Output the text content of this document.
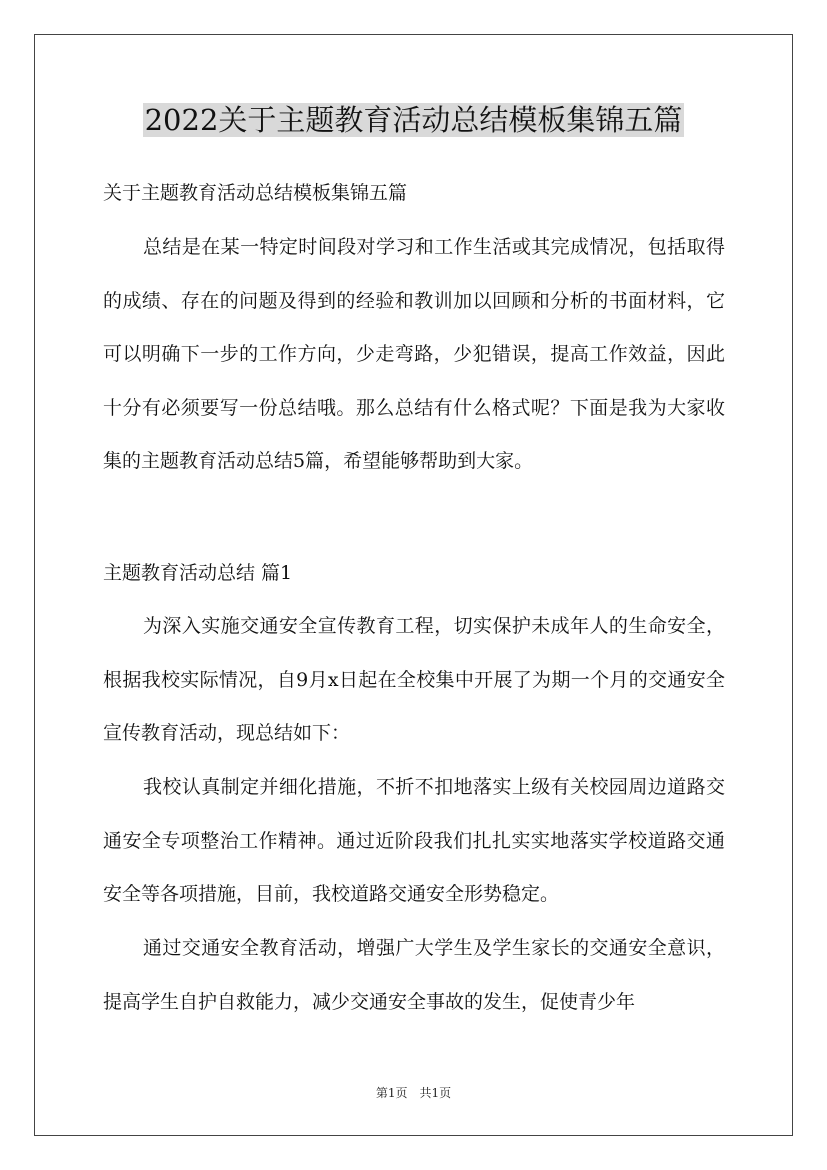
2022关于主题教育活动总结模板集锦五篇

关于主题教育活动总结模板集锦五篇

总结是在某一特定时间段对学习和工作生活或其完成情况，包括取得的成绩、存在的问题及得到的经验和教训加以回顾和分析的书面材料，它可以明确下一步的工作方向，少走弯路，少犯错误，提高工作效益，因此十分有必须要写一份总结哦。那么总结有什么格式呢？下面是我为大家收集的主题教育活动总结5篇，希望能够帮助到大家。

主题教育活动总结 篇1

为深入实施交通安全宣传教育工程，切实保护未成年人的生命安全，根据我校实际情况，自9月x日起在全校集中开展了为期一个月的交通安全宣传教育活动，现总结如下：

我校认真制定并细化措施，不折不扣地落实上级有关校园周边道路交通安全专项整治工作精神。通过近阶段我们扎扎实实地落实学校道路交通安全等各项措施，目前，我校道路交通安全形势稳定。

通过交通安全教育活动，增强广大学生及学生家长的交通安全意识，提高学生自护自救能力，减少交通安全事故的发生，促使青少年

第1页 共1页
